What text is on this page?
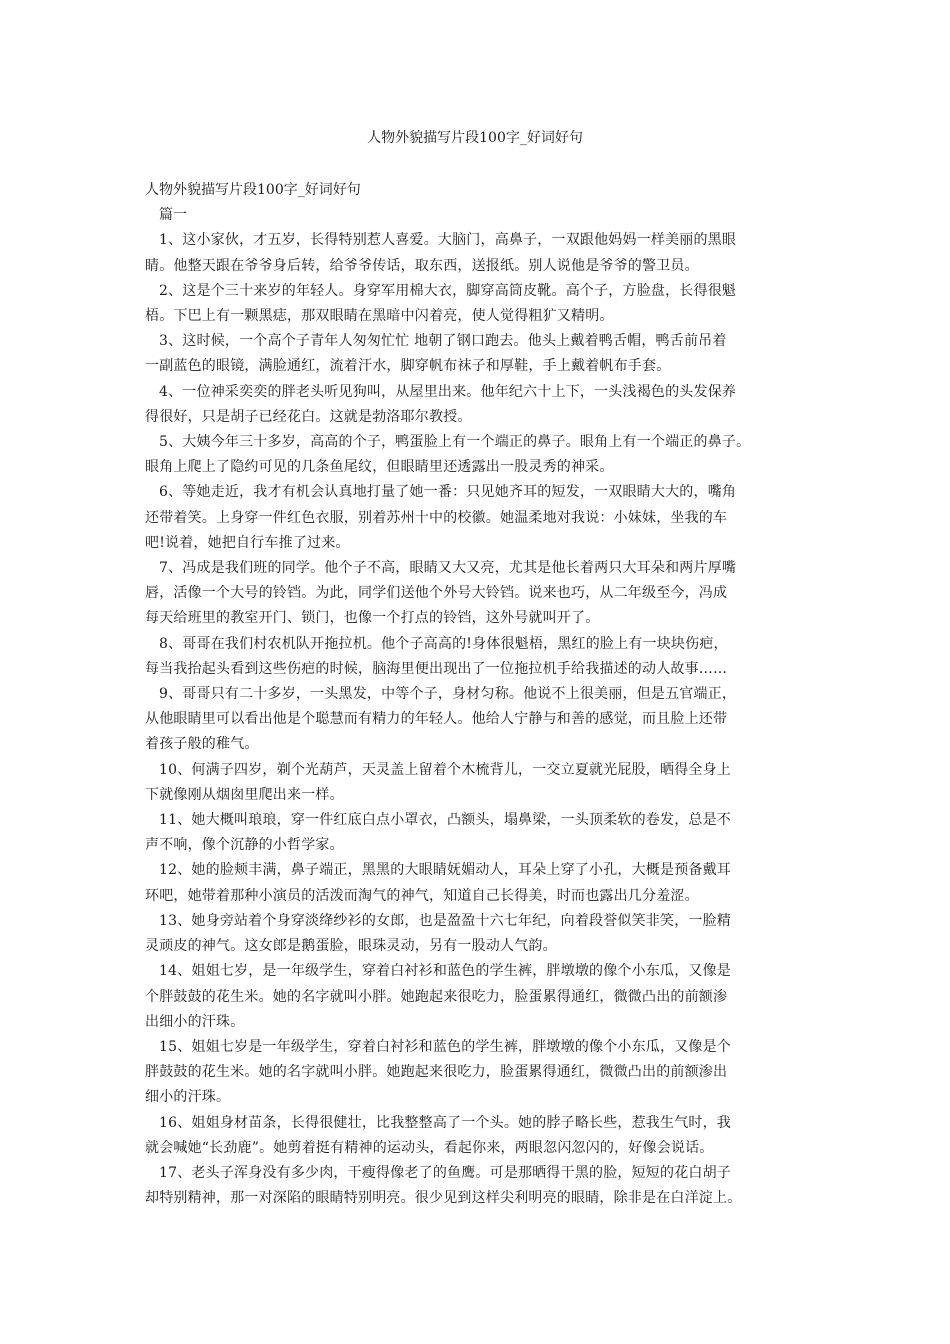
人物外貌描写片段100字_好词好句

人物外貌描写片段100字_好词好句

篇一

1、这小家伙，才五岁，长得特别惹人喜爱。大脑门，高鼻子，一双跟他妈妈一样美丽的黑眼
睛。他整天跟在爷爷身后转，给爷爷传话，取东西，送报纸。别人说他是爷爷的警卫员。

2、这是个三十来岁的年轻人。身穿军用棉大衣，脚穿高筒皮靴。高个子，方脸盘，长得很魁
梧。下巴上有一颗黑痣，那双眼睛在黑暗中闪着亮，使人觉得粗犷又精明。

3、这时候，一个高个子青年人匆匆忙忙 地朝了钢口跑去。他头上戴着鸭舌帽，鸭舌前吊着
一副蓝色的眼镜，满脸通红，流着汗水，脚穿帆布袜子和厚鞋，手上戴着帆布手套。

4、一位神采奕奕的胖老头听见狗叫，从屋里出来。他年纪六十上下，一头浅褐色的头发保养
得很好，只是胡子已经花白。这就是勃洛耶尔教授。

5、大姨今年三十多岁，高高的个子，鸭蛋脸上有一个端正的鼻子。眼角上有一个端正的鼻子。
眼角上爬上了隐约可见的几条鱼尾纹，但眼睛里还透露出一股灵秀的神采。

6、等她走近，我才有机会认真地打量了她一番：只见她齐耳的短发，一双眼睛大大的，嘴角
还带着笑。上身穿一件红色衣服，别着苏州十中的校徽。她温柔地对我说：小妹妹，坐我的车
吧!说着，她把自行车推了过来。

7、冯成是我们班的同学。他个子不高，眼睛又大又亮，尤其是他长着两只大耳朵和两片厚嘴
唇，活像一个大号的铃铛。为此，同学们送他个外号大铃铛。说来也巧，从二年级至今，冯成
每天给班里的教室开门、锁门，也像一个打点的铃铛，这外号就叫开了。

8、哥哥在我们村农机队开拖拉机。他个子高高的!身体很魁梧，黑红的脸上有一块块伤疤，
每当我抬起头看到这些伤疤的时候，脑海里便出现出了一位拖拉机手给我描述的动人故事……

9、哥哥只有二十多岁，一头黑发，中等个子，身材匀称。他说不上很美丽，但是五官端正，
从他眼睛里可以看出他是个聪慧而有精力的年轻人。他给人宁静与和善的感觉，而且脸上还带
着孩子般的稚气。

10、何满子四岁，剃个光葫芦，天灵盖上留着个木梳背儿，一交立夏就光屁股，晒得全身上
下就像刚从烟囱里爬出来一样。

11、她大概叫琅琅，穿一件红底白点小罩衣，凸额头，塌鼻梁，一头顶柔软的卷发，总是不
声不响，像个沉静的小哲学家。

12、她的脸颊丰满，鼻子端正，黑黑的大眼睛妩媚动人，耳朵上穿了小孔，大概是预备戴耳
环吧，她带着那种小演员的活泼而淘气的神气，知道自己长得美，时而也露出几分羞涩。

13、她身旁站着个身穿淡绛纱衫的女郎，也是盈盈十六七年纪，向着段誉似笑非笑，一脸精
灵顽皮的神气。这女郎是鹅蛋脸，眼珠灵动，另有一股动人气韵。

14、姐姐七岁，是一年级学生，穿着白衬衫和蓝色的学生裤，胖墩墩的像个小东瓜，又像是
个胖鼓鼓的花生米。她的名字就叫小胖。她跑起来很吃力，脸蛋累得通红，微微凸出的前额渗
出细小的汗珠。

15、姐姐七岁是一年级学生，穿着白衬衫和蓝色的学生裤，胖墩墩的像个小东瓜，又像是个
胖鼓鼓的花生米。她的名字就叫小胖。她跑起来很吃力，脸蛋累得通红，微微凸出的前额渗出
细小的汗珠。

16、姐姐身材苗条，长得很健壮，比我整整高了一个头。她的脖子略长些，惹我生气时，我
就会喊她“长劲鹿”。她剪着挺有精神的运动头，看起你来，两眼忽闪忽闪的，好像会说话。

17、老头子浑身没有多少肉，干瘦得像老了的鱼鹰。可是那晒得干黑的脸，短短的花白胡子
却特别精神，那一对深陷的眼睛特别明亮。很少见到这样尖利明亮的眼睛，除非是在白洋淀上。
